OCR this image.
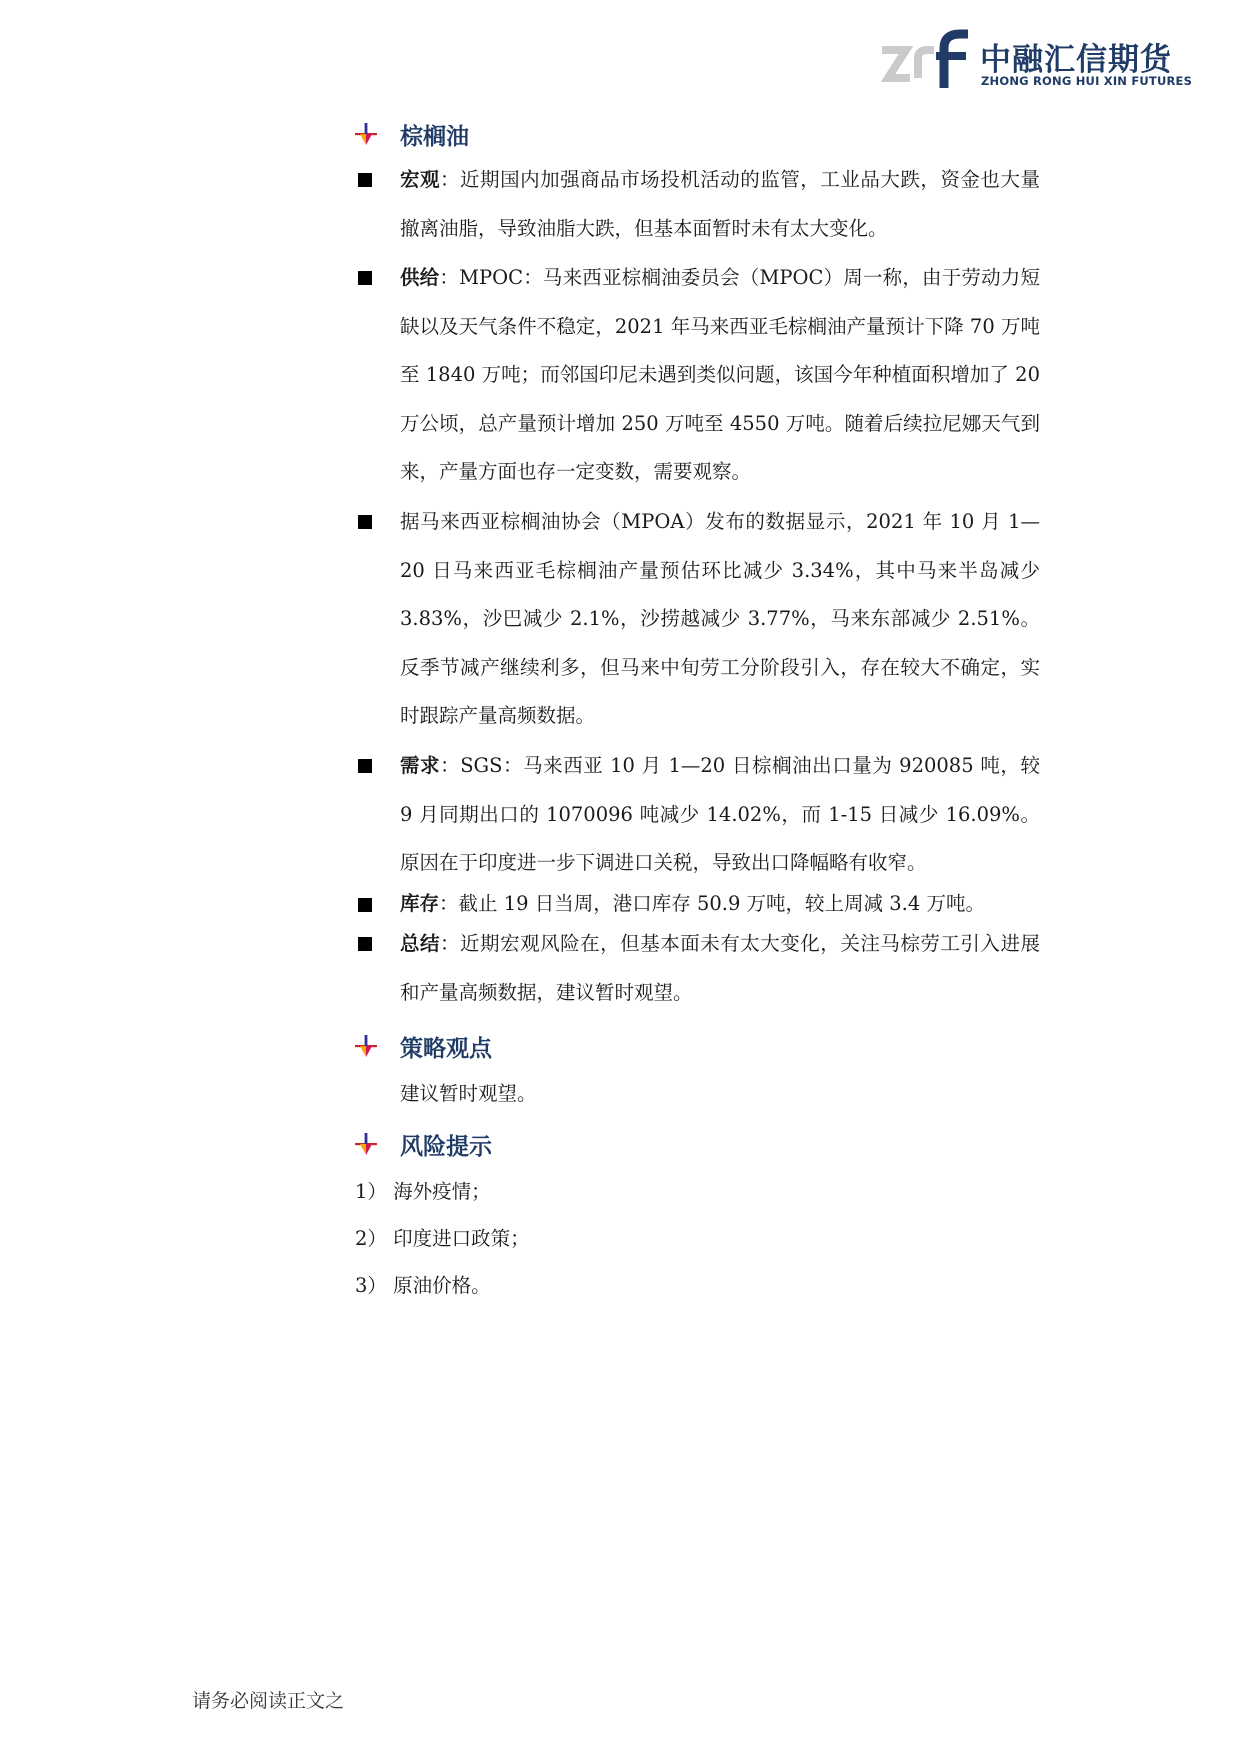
中融汇信期货
ZHONG RONG HUI XIN FUTURES
棕榈油

宏观：近期国内加强商品市场投机活动的监管，工业品大跌，资金也大量撤离油脂，导致油脂大跌，但基本面暂时未有太大变化。

供给：MPOC：马来西亚棕榈油委员会（MPOC）周一称，由于劳动力短缺以及天气条件不稳定，2021 年马来西亚毛棕榈油产量预计下降 70 万吨至 1840 万吨；而邻国印尼未遇到类似问题，该国今年种植面积增加了 20 万公顷，总产量预计增加 250 万吨至 4550 万吨。随着后续拉尼娜天气到来，产量方面也存一定变数，需要观察。

据马来西亚棕榈油协会（MPOA）发布的数据显示，2021 年 10 月 1—20 日马来西亚毛棕榈油产量预估环比减少 3.34%，其中马来半岛减少 3.83%，沙巴减少 2.1%，沙捞越减少 3.77%，马来东部减少 2.51%。反季节减产继续利多，但马来中旬劳工分阶段引入，存在较大不确定，实时跟踪产量高频数据。

需求：SGS：马来西亚 10 月 1—20 日棕榈油出口量为 920085 吨，较 9 月同期出口的 1070096 吨减少 14.02%，而 1-15 日减少 16.09%。原因在于印度进一步下调进口关税，导致出口降幅略有收窄。

库存：截止 19 日当周，港口库存 50.9 万吨，较上周减 3.4 万吨。

总结：近期宏观风险在，但基本面未有太大变化，关注马棕劳工引入进展和产量高频数据，建议暂时观望。

策略观点
建议暂时观望。
风险提示
1） 海外疫情；
2） 印度进口政策；
3） 原油价格。
请务必阅读正文之
